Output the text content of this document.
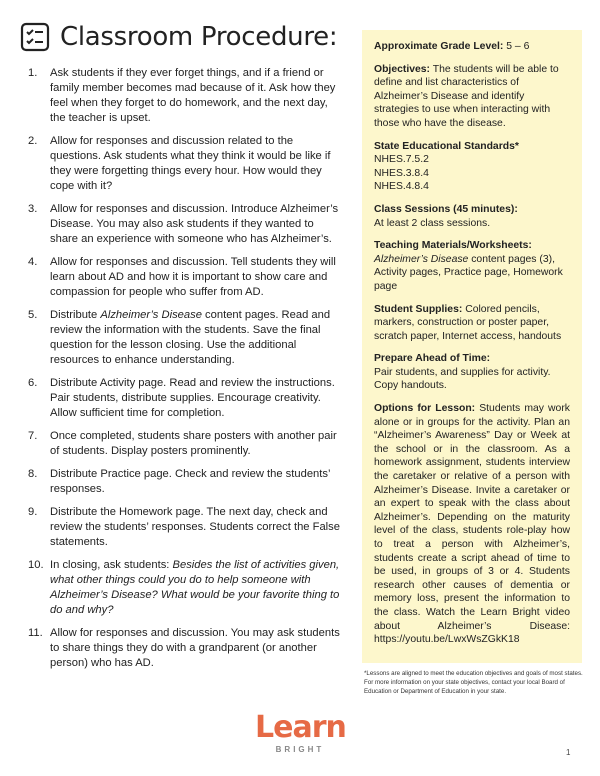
Classroom Procedure:
1.	Ask students if they ever forget things, and if a friend or family member becomes mad because of it. Ask how they feel when they forget to do homework, and the next day, the teacher is upset.
2.	Allow for responses and discussion related to the questions. Ask students what they think it would be like if they were forgetting things every hour. How would they cope with it?
3.	Allow for responses and discussion. Introduce Alzheimer’s Disease. You may also ask students if they wanted to share an experience with someone who has Alzheimer’s.
4.	Allow for responses and discussion. Tell students they will learn about AD and how it is important to show care and compassion for people who suffer from AD.
5.	Distribute Alzheimer’s Disease content pages. Read and review the information with the students. Save the final question for the lesson closing. Use the additional resources to enhance understanding.
6.	Distribute Activity page. Read and review the instructions. Pair students, distribute supplies. Encourage creativity. Allow sufficient time for completion.
7.	Once completed, students share posters with another pair of students. Display posters prominently.
8.	Distribute Practice page. Check and review the students’ responses.
9.	Distribute the Homework page. The next day, check and review the students’ responses. Students correct the False statements.
10. In closing, ask students: Besides the list of activities given, what other things could you do to help someone with Alzheimer’s Disease? What would be your favorite thing to do and why?
11. Allow for responses and discussion. You may ask students to share things they do with a grandparent (or another person) who has AD.
Approximate Grade Level: 5 – 6
Objectives: The students will be able to define and list characteristics of Alzheimer’s Disease and identify strategies to use when interacting with those who have the disease.
State Educational Standards*
NHES.7.5.2
NHES.3.8.4
NHES.4.8.4
Class Sessions (45 minutes):
At least 2 class sessions.
Teaching Materials/Worksheets:
Alzheimer’s Disease content pages (3), Activity pages, Practice page, Homework page
Student Supplies: Colored pencils, markers, construction or poster paper, scratch paper, Internet access, handouts
Prepare Ahead of Time:
Pair students, and supplies for activity. Copy handouts.
Options for Lesson: Students may work alone or in groups for the activity. Plan an “Alzheimer’s Awareness” Day or Week at the school or in the classroom. As a homework assignment, students interview the caretaker or relative of a person with Alzheimer’s Disease. Invite a caretaker or an expert to speak with the class about Alzheimer’s. Depending on the maturity level of the class, students role-play how to treat a person with Alzheimer’s, students create a script ahead of time to be used, in groups of 3 or 4. Students research other causes of dementia or memory loss, present the information to the class. Watch the Learn Bright video about Alzheimer’s Disease: https://youtu.be/LwxWsZGkK18
*Lessons are aligned to meet the education objectives and goals of most states. For more information on your state objectives, contact your local Board of Education or Department of Education in your state.
Learn
BRIGHT	1
